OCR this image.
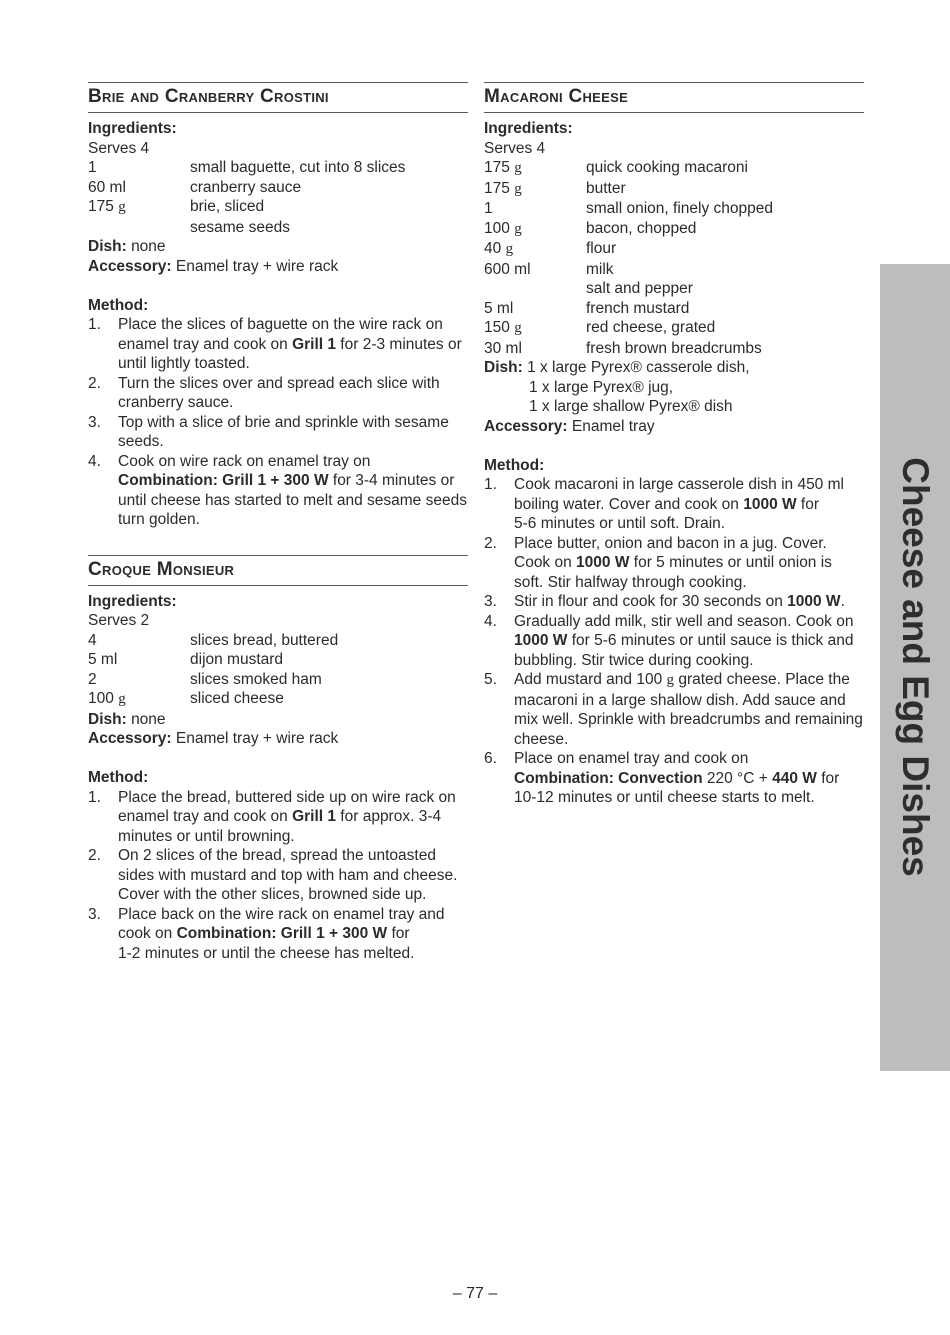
Brie and Cranberry Crostini
Ingredients:
Serves 4
1	small baguette, cut into 8 slices
60 ml	cranberry sauce
175 g	brie, sliced
sesame seeds
Dish: none
Accessory: Enamel tray + wire rack
Method:
1.	Place the slices of baguette on the wire rack on enamel tray and cook on Grill 1 for 2-3 minutes or until lightly toasted.
2.	Turn the slices over and spread each slice with cranberry sauce.
3.	Top with a slice of brie and sprinkle with sesame seeds.
4.	Cook on wire rack on enamel tray on Combination: Grill 1 + 300 W for 3-4 minutes or until cheese has started to melt and sesame seeds turn golden.
Croque Monsieur
Ingredients:
Serves 2
4	slices bread, buttered
5 ml	dijon mustard
2	slices smoked ham
100 g	sliced cheese
Dish: none
Accessory: Enamel tray + wire rack
Method:
1.	Place the bread, buttered side up on wire rack on enamel tray and cook on Grill 1 for approx. 3-4 minutes or until browning.
2.	On 2 slices of the bread, spread the untoasted sides with mustard and top with ham and cheese. Cover with the other slices, browned side up.
3.	Place back on the wire rack on enamel tray and cook on Combination: Grill 1 + 300 W for
1-2 minutes or until the cheese has melted.
Macaroni Cheese
Ingredients:
Serves 4
175 g	quick cooking macaroni
175 g	butter
1	small onion, finely chopped
100 g	bacon, chopped
40 g	flour
600 ml	milk
salt and pepper
5 ml	french mustard
150 g	red cheese, grated
30 ml	fresh brown breadcrumbs
Dish: 1 x large Pyrex® casserole dish,
1 x large Pyrex® jug,
1 x large shallow Pyrex® dish
Accessory: Enamel tray
Method:
1.	Cook macaroni in large casserole dish in 450 ml boiling water. Cover and cook on 1000 W for
5-6 minutes or until soft. Drain.
2.	Place butter, onion and bacon in a jug. Cover. Cook on 1000 W for 5 minutes or until onion is soft. Stir halfway through cooking.
3.	Stir in flour and cook for 30 seconds on 1000 W.
4.	Gradually add milk, stir well and season. Cook on 1000 W for 5-6 minutes or until sauce is thick and bubbling. Stir twice during cooking.
5.	Add mustard and 100 g grated cheese. Place the macaroni in a large shallow dish. Add sauce and mix well. Sprinkle with breadcrumbs and remaining cheese.
6.	Place on enamel tray and cook on
Combination: Convection 220 °C + 440 W for
10-12 minutes or until cheese starts to melt.	Cheese and Egg Dishes
– 77 –
